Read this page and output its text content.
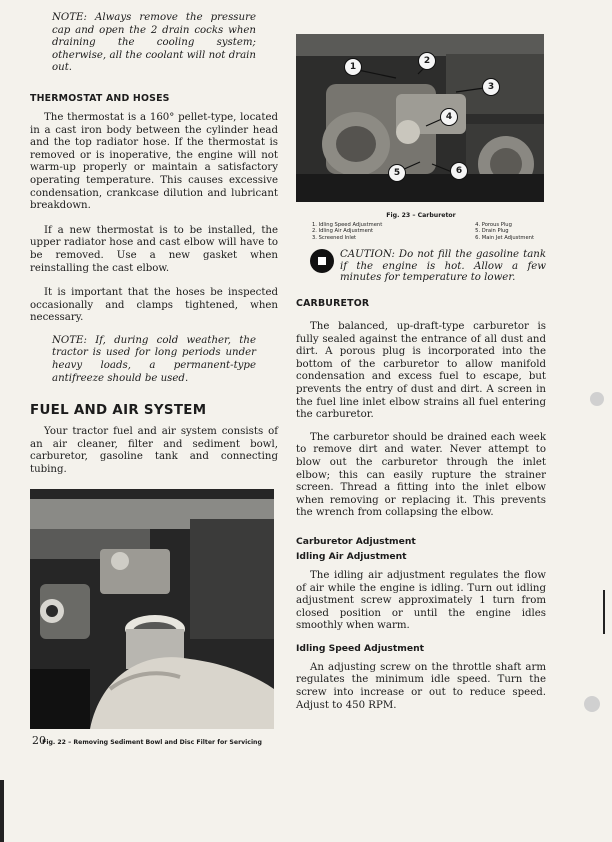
NOTE: Always remove the pressure cap and open the 2 drain cocks when draining the cooling system; otherwise, all the coolant will not drain out.
THERMOSTAT AND HOSES

The thermostat is a 160° pellet-type, located in a cast iron body between the cylinder head and the top radiator hose. If the thermostat is removed or is inoperative, the engine will not warm-up properly or maintain a satisfactory operating temperature. This causes excessive condensation, crankcase dilution and lubricant breakdown.

If a new thermostat is to be installed, the upper radiator hose and cast elbow will have to be removed. Use a new gasket when reinstalling the cast elbow.

It is important that the hoses be inspected occasionally and clamps tightened, when necessary.

NOTE: If, during cold weather, the tractor is used for long periods under heavy loads, a permanent-type antifreeze should be used.
FUEL AND AIR SYSTEM

Your tractor fuel and air system consists of an air cleaner, filter and sediment bowl, carburetor, gasoline tank and connecting tubing.

Fig. 22 – Removing Sediment Bowl and Disc Filter for Servicing
1
2
3
4
5	6
Fig. 23 – Carburetor
1. Idling Speed Adjustment
2. Idling Air Adjustment
3. Screened Inlet
4. Porous Plug
5. Drain Plug
6. Main Jet Adjustment
CAUTION: Do not fill the gasoline tank if the engine is hot. Allow a few minutes for temperature to lower.
CARBURETOR

The balanced, up-draft-type carburetor is fully sealed against the entrance of all dust and dirt. A porous plug is incorporated into the bottom of the carburetor to allow manifold condensation and excess fuel to escape, but prevents the entry of dust and dirt. A screen in the fuel line inlet elbow strains all fuel entering the carburetor.

The carburetor should be drained each week to remove dirt and water. Never attempt to blow out the carburetor through the inlet elbow; this can easily rupture the strainer screen. Thread a fitting into the inlet elbow when removing or replacing it. This prevents the wrench from collapsing the elbow.

Carburetor Adjustment
Idling Air Adjustment

The idling air adjustment regulates the flow of air while the engine is idling. Turn out idling adjustment screw approximately 1 turn from closed position or until the engine idles smoothly when warm.

Idling Speed Adjustment

An adjusting screw on the throttle shaft arm regulates the minimum idle speed. Turn the screw into increase or out to reduce speed. Adjust to 450 RPM.

20
